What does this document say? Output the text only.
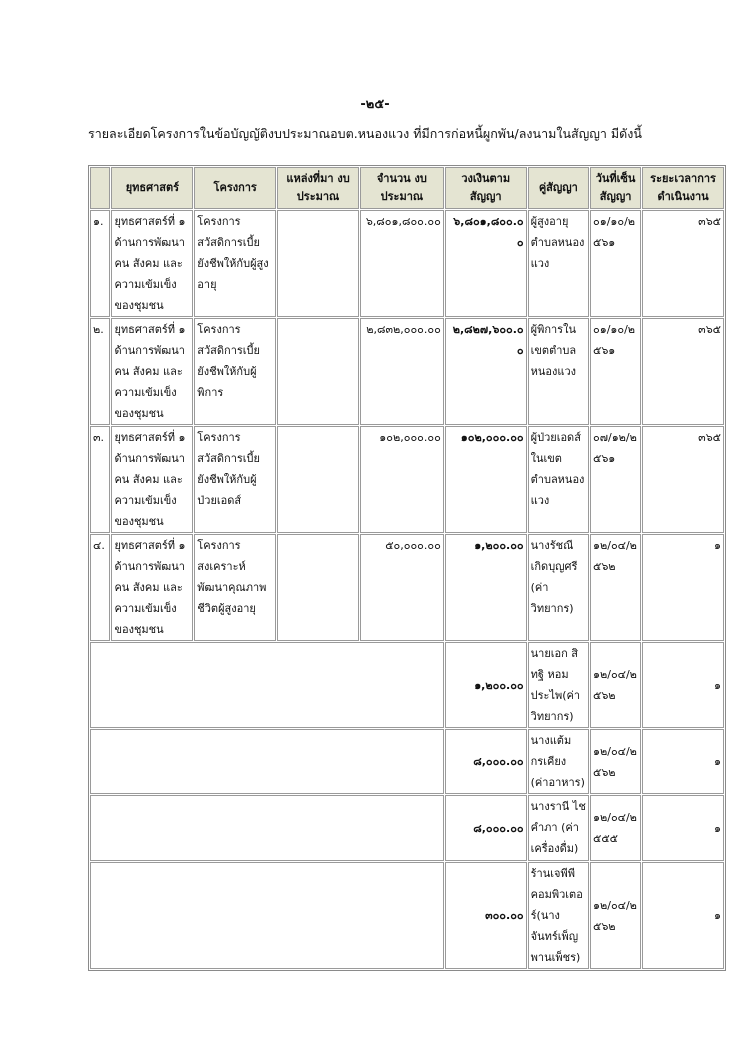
-๒๕-
รายละเอียดโครงการในข้อบัญญัติงบประมาณอบต.หนองแวง ที่มีการก่อหนี้ผูกพัน/ลงนามในสัญญา มีดังนี้
	ยุทธศาสตร์	โครงการ	แหล่งที่มา งบประมาณ	จำนวน งบประมาณ	วงเงินตาม สัญญา	คู่สัญญา	วันที่เซ็น สัญญา	ระยะเวลาการ ดำเนินงาน
๑.	ยุทธศาสตร์ที่ ๑ ด้านการพัฒนาคน สังคม และความเข้มเข็งของชุมชน	โครงการสวัสดิการเบี้ยยังชีพให้กับผู้สูงอายุ		๖,๘๐๑,๘๐๐.๐๐	๖,๘๐๑,๘๐๐.๐๐	ผู้สูงอายุตำบลหนองแวง	๐๑/๑๐/๒๕๖๑	๓๖๕
๒.	ยุทธศาสตร์ที่ ๑ ด้านการพัฒนาคน สังคม และความเข้มเข็งของชุมชน	โครงการสวัสดิการเบี้ยยังชีพให้กับผู้พิการ		๒,๘๓๒,๐๐๐.๐๐	๒,๘๒๗,๖๐๐.๐๐	ผู้พิการในเขตตำบลหนองแวง	๐๑/๑๐/๒๕๖๑	๓๖๕
๓.	ยุทธศาสตร์ที่ ๑ ด้านการพัฒนาคน สังคม และความเข้มเข็งของชุมชน	โครงการสวัสดิการเบี้ยยังชีพให้กับผู้ป่วยเอดส์		๑๐๒,๐๐๐.๐๐	๑๐๒,๐๐๐.๐๐	ผู้ป่วยเอดส์ในเขตตำบลหนองแวง	๐๗/๑๒/๒๕๖๑	๓๖๕
๔.	ยุทธศาสตร์ที่ ๑ ด้านการพัฒนาคน สังคม และความเข้มเข็งของชุมชน	โครงการสงเคราะห์พัฒนาคุณภาพชีวิตผู้สูงอายุ		๕๐,๐๐๐.๐๐	๑,๒๐๐.๐๐	นางรัชณี เกิดบุญศรี (ค่าวิทยากร)	๑๒/๐๔/๒๕๖๒	๑
					๑,๒๐๐.๐๐	นายเอก สิทฐิ หอมประไพ(ค่าวิทยากร)	๑๒/๐๔/๒๕๖๒	๑
					๘,๐๐๐.๐๐	นางแต้ม กรเคียง (ค่าอาหาร)	๑๒/๐๔/๒๕๖๒	๑
					๘,๐๐๐.๐๐	นางรานี ไชคำภา (ค่าเครื่องดื่ม)	๑๒/๐๔/๒๕๕๕	๑
					๓๐๐.๐๐	ร้านเจพีพีคอมพิวเตอร์(นางจันทร์เพ็ญ พานเพ็ชร)	๑๒/๐๔/๒๕๖๒	๑
